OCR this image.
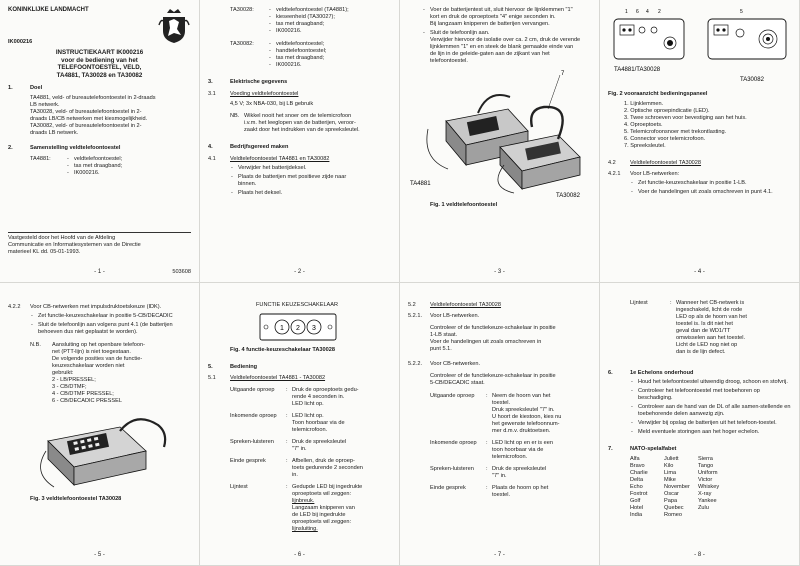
KONINKLIJKE LANDMACHT
IK000216
INSTRUCTIEKAART IK000216
voor de bediening van het
TELEFOONTOESTEL, VELD,
TA4881, TA30028 en TA30082
1.	Doel
TA4881, veld- of bureautelefoontoestel in 2-draads
LB netwerk.
TA30028, veld- of bureautelefoontoestel in 2-
draads LB/CB netwerken met kiesmogelijkheid.
TA30082, veld- of bureautelefoontoestel in 2-
draads LB netwerk.
2.	Samenstelling veldtelefoontoestel
TA4881:	- veldtelefoontoestel;
- tas met draagband;
- IK000216.
Vastgesteld door het Hoofd van de Afdeling
Communicatie en Informatiesystemen van de Directie
materieel KL dd. 05-01-1993.
- 1 -	503608
TA30028:	- veldtelefoontoestel (TA4881);
- kieseenheid (TA30027);
- tas met draagband;
- IK000216.
TA30082:	- veldtelefoontoestel;
- handtelefoontoestel;
- tas met draagband;
- IK000216.
3.	Elektrische gegevens
3.1	Voeding veldtelefoontoestel
4,5 V; 3x NBA-030, bij LB gebruik
NB. Wikkel nooit het snoer om de telemicrofoon
i.v.m. het leeglopen van de batterijen, veroor-
zaakt door het indrukken van de spreeksleutel.
4.	Bedrijfsgereed maken
4.1	Veldtelefoontoestel TA4881 en TA30082
- Verwijder het batterijdeksel.
- Plaats de batterijen met positieve zijde naar binnen.
- Plaats het deksel.
- 2 -
- Voer de batterijentest uit, sluit hiervoor de lijnklemmen "1" kort en druk de oproeptoets "4" enige seconden in.
Bij langzaam knipperen de batterijen vervangen.
- Sluit de telefoonlijn aan.
Verwijder hiervoor de isolatie over ca. 2 cm, druk de verende lijnklemmen "1" en en steek de blank gemaakte einde van de lijn in de geleide-gaten aan de zijkant van het telefoontoestel.
7
TA4881
TA30082
Fig. 1 veldtelefoontoestel
- 3 -
1 6 4 2	5
TA4881/TA30028
TA30082
Fig. 2 vooraanzicht bedieningspaneel
1. Lijnklemmen.
2. Optische oproepindicatie (LED).
3. Twee schroeven voor bevestiging aan het huis.
4. Oproeptoets.
5. Telemicrofoonsnoer met trekontlasting.
6. Connector voor telemicrofoon.
7. Spreeksleutel.
4.2	Veldtelefoontoestel TA30028
4.2.1	Voor LB-netwerken:
- Zet functie-keuzeschakelaar in positie 1-LB.
- Voer de handelingen uit zoals omschreven in punt 4.1.
- 4 -
4.2.2	Voor CB-netwerken met impulsdruktoetskeuze (IDK).
- Zet functie-keuzeschakelaar in positie 5-CB/DECADIC
- Sluit de telefoonlijn aan volgens punt 4.1 (de batterijen behoeven dus niet geplaatst te worden).
N.B.	Aansluiting op het openbare telefoon-
net (PTT-lijn) is niet toegestaan.
De volgende posities van de functie-
keuzeschakelaar worden niet
gebruikt:
2 - LB/PRESSEL;
3 - CB/DTMF;
4 - CB/DTMF PRESSEL;
6 - CB/DECADIC PRESSEL
Fig. 3 veldtelefoontoestel TA30028
- 5 -
FUNCTIE KEUZESCHAKELAAR
1 2 3
Fig. 4 functie-keuzeschakelaar TA30028
5.	Bediening
5.1	Veldtelefoontoestel TA4881 - TA30082
Uitgaande oproep	: Druk de oproeptoets gedu-
rende 4 seconden in.
LED licht op.
Inkomende oproep	: LED licht op.
Toon hoorbaar via de
telemicrofoon.
Spreken-luisteren	: Druk de spreeksleutel
"7" in.
Einde gesprek	: Afbellen, druk de oproep-
toets gedurende 2 seconden
in.
Lijntest	: Gedupde LED bij ingedrukte
oproeptoets wil zeggen:
lijnbreuk.
Langzaam knipperen van
de LED bij ingedrukte
oproeptoets wil zeggen:
lijnsluiting.
- 6 -
5.2	Veldtelefoontoestel TA30028
5.2.1.	Voor LB-netwerken.
Controleer of de functiekeuze-schakelaar in positie
1-LB staat.
Voer de handelingen uit zoals omschreven in
punt 5.1.
5.2.2.	Voor CB-netwerken.
Controleer of de functiekeuze-schakelaar in positie
5-CB/DECADIC staat.
Uitgaande oproep	: Neem de hoorn van het
toestel.
Druk spreeksleutel "7" in.
U hoort de kiestoon, kies nu
het gewenste telefoonnum-
mer d.m.v. druktoetsen.
Inkomende oproep	: LED licht op en er is een
toon hoorbaar via de
telemicrofoon.
Spreken-luisteren	: Druk de spreeksleutel
"7" in.
Einde gesprek	: Plaats de hoorn op het
toestel.
- 7 -
Lijntest	: Wanneer het CB-netwerk is
ingeschakeld, licht de rode
LED op als de hoorn van het
toestel is. Is dit niet het
geval dan de WD1/TT
omwisselen aan het toestel.
Licht de LED nog niet op
dan is de lijn defect.
6.	1e Echelons onderhoud
- Houd het telefoontoestel uitwendig droog, schoon en stofvrij.
- Controleer het telefoontoestel met toebehoren op beschadiging.
- Controleer aan de hand van de DL of alle samen-stellende en toebehorende delen aanwezig zijn.
- Verwijder bij opslag de batterijen uit het telefoon-toestel.
- Meld eventuele storingen aan het hoger echelon.
7.	NATO-spelalfabet
Alfa	Juliett	Sierra
Bravo	Kilo	Tango
Charlie	Lima	Uniform
Delta	Mike	Victor
Echo	November	Whiskey
Foxtrot	Oscar	X-ray
Golf	Papa	Yankee
Hotel	Quebec	Zulu
India	Romeo
- 8 -
